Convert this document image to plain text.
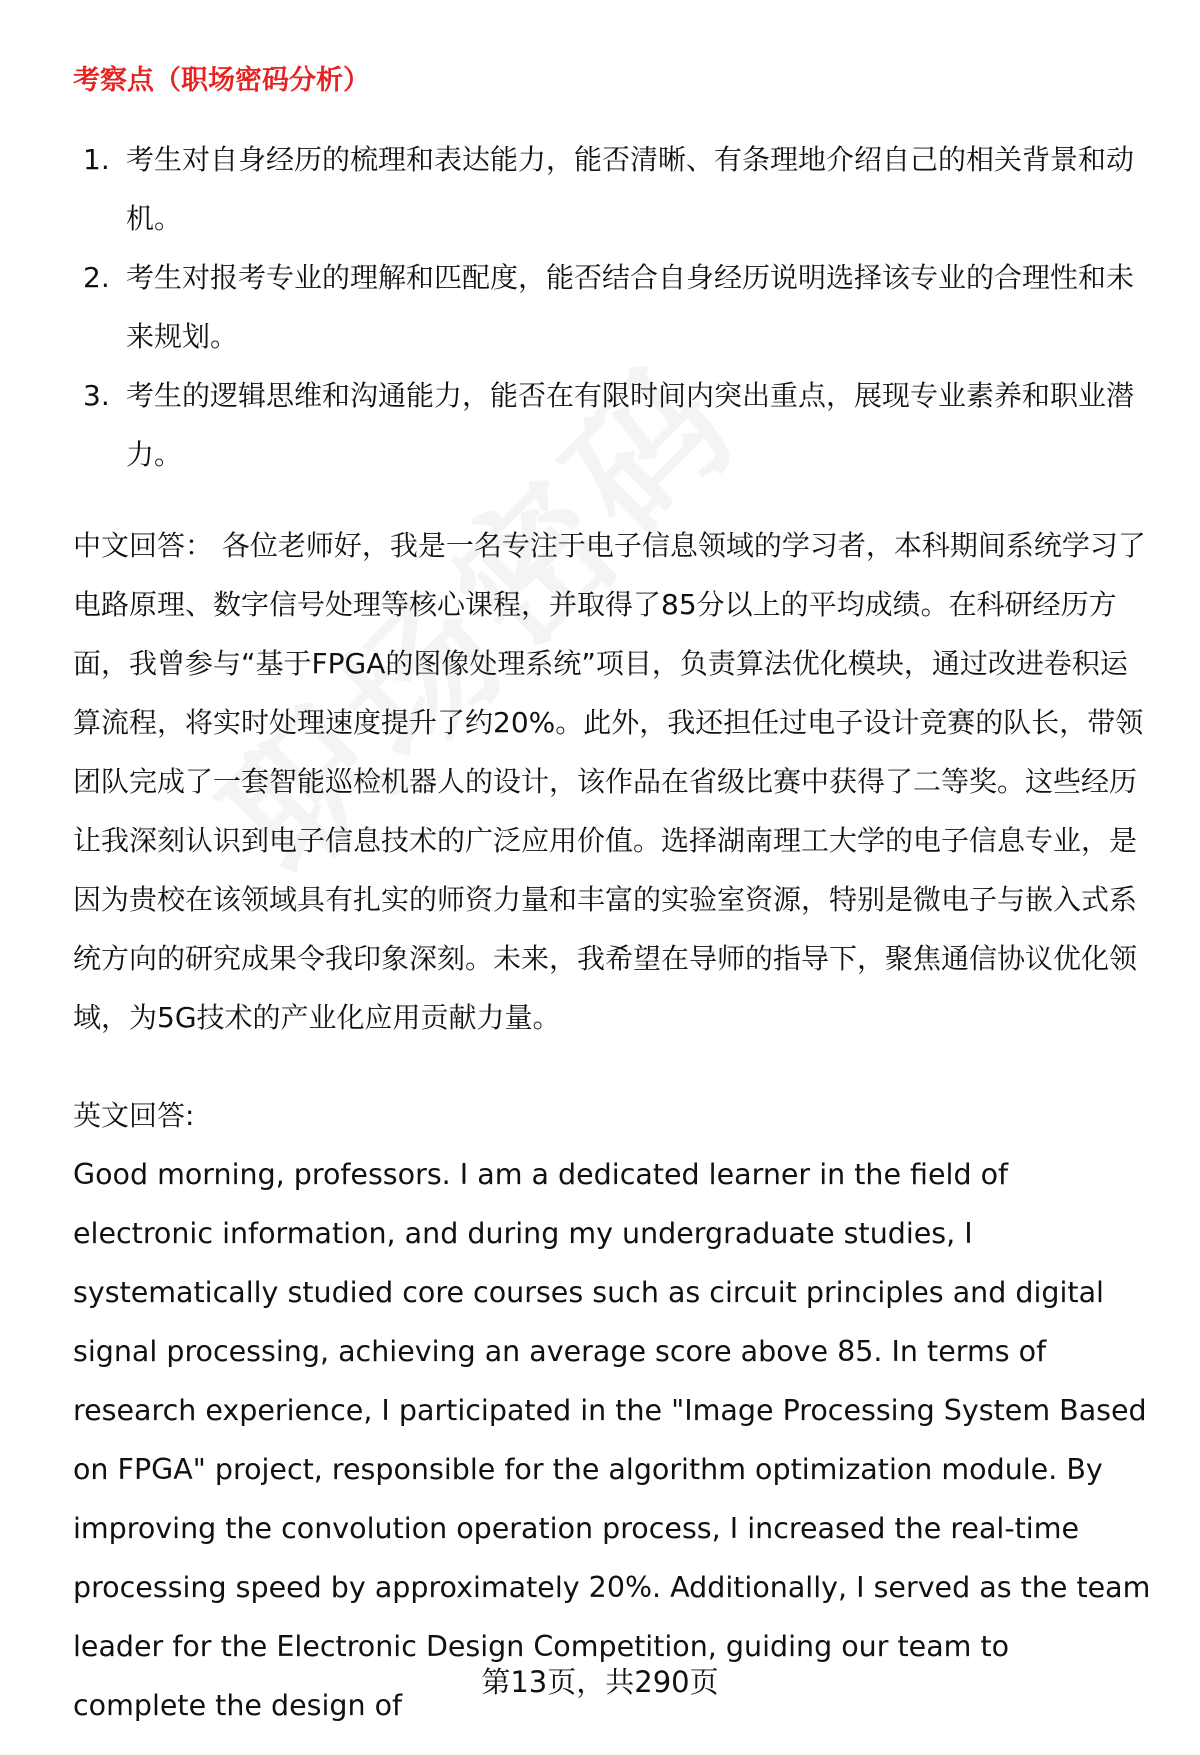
考察点（职场密码分析）
1. 考生对自身经历的梳理和表达能力，能否清晰、有条理地介绍自己的相关背景和动机。
2. 考生对报考专业的理解和匹配度，能否结合自身经历说明选择该专业的合理性和未来规划。
3. 考生的逻辑思维和沟通能力，能否在有限时间内突出重点，展现专业素养和职业潜力。
中文回答： 各位老师好，我是一名专注于电子信息领域的学习者，本科期间系统学习了电路原理、数字信号处理等核心课程，并取得了85分以上的平均成绩。在科研经历方面，我曾参与“基于FPGA的图像处理系统”项目，负责算法优化模块，通过改进卷积运算流程，将实时处理速度提升了约20%。此外，我还担任过电子设计竞赛的队长，带领团队完成了一套智能巡检机器人的设计，该作品在省级比赛中获得了二等奖。这些经历让我深刻认识到电子信息技术的广泛应用价值。选择湖南理工大学的电子信息专业，是因为贵校在该领域具有扎实的师资力量和丰富的实验室资源，特别是微电子与嵌入式系统方向的研究成果令我印象深刻。未来，我希望在导师的指导下，聚焦通信协议优化领域，为5G技术的产业化应用贡献力量。
英文回答:
Good morning, professors. I am a dedicated learner in the field of electronic information, and during my undergraduate studies, I systematically studied core courses such as circuit principles and digital signal processing, achieving an average score above 85. In terms of research experience, I participated in the "Image Processing System Based on FPGA" project, responsible for the algorithm optimization module. By improving the convolution operation process, I increased the real-time processing speed by approximately 20%. Additionally, I served as the team leader for the Electronic Design Competition, guiding our team to complete the design of
第13页，共290页
